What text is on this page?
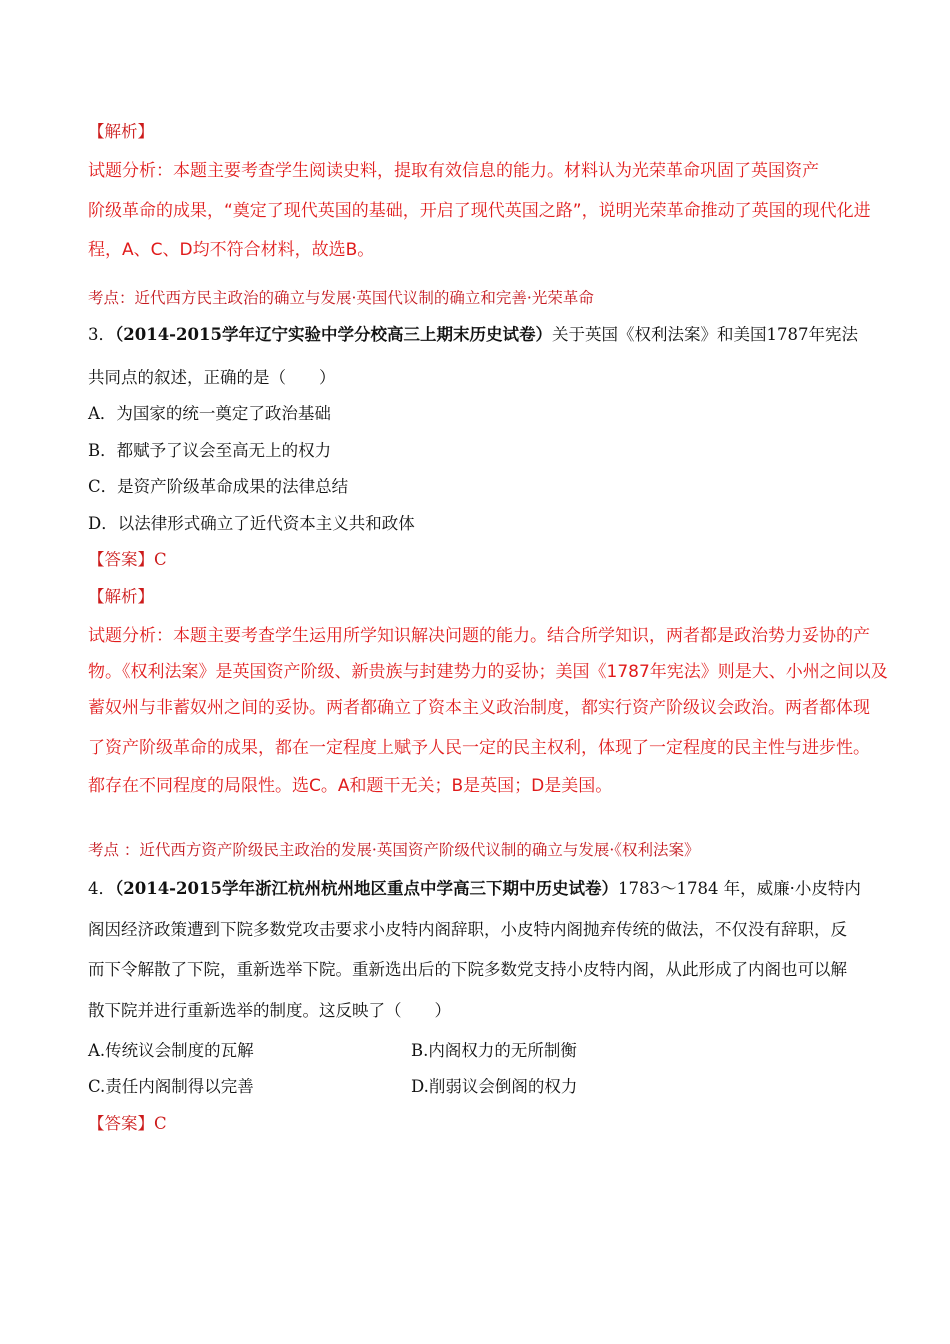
【解析】
试题分析：本题主要考查学生阅读史料，提取有效信息的能力。材料认为光荣革命巩固了英国资产
阶级革命的成果，“奠定了现代英国的基础，开启了现代英国之路”，说明光荣革命推动了英国的现代化进
程，A、C、D均不符合材料，故选B。
考点：近代西方民主政治的确立与发展·英国代议制的确立和完善·光荣革命
3．（2014-2015学年辽宁实验中学分校高三上期末历史试卷）关于英国《权利法案》和美国1787年宪法
共同点的叙述，正确的是（　　）
A．为国家的统一奠定了政治基础
B．都赋予了议会至高无上的权力
C．是资产阶级革命成果的法律总结
D．以法律形式确立了近代资本主义共和政体
【答案】C
【解析】
试题分析：本题主要考查学生运用所学知识解决问题的能力。结合所学知识，两者都是政治势力妥协的产
物。《权利法案》是英国资产阶级、新贵族与封建势力的妥协；美国《1787年宪法》则是大、小州之间以及
蓄奴州与非蓄奴州之间的妥协。两者都确立了资本主义政治制度，都实行资产阶级议会政治。两者都体现
了资产阶级革命的成果，都在一定程度上赋予人民一定的民主权利，体现了一定程度的民主性与进步性。
都存在不同程度的局限性。选C。A和题干无关；B是英国；D是美国。
考点 ：近代西方资产阶级民主政治的发展·英国资产阶级代议制的确立与发展·《权利法案》
4．（2014-2015学年浙江杭州杭州地区重点中学高三下期中历史试卷）1783～1784 年，威廉·小皮特内
阁因经济政策遭到下院多数党攻击要求小皮特内阁辞职，小皮特内阁抛弃传统的做法，不仅没有辞职，反
而下令解散了下院，重新选举下院。重新选出后的下院多数党支持小皮特内阁，从此形成了内阁也可以解
散下院并进行重新选举的制度。这反映了（　　）
A.传统议会制度的瓦解	B.内阁权力的无所制衡
C.责任内阁制得以完善	D.削弱议会倒阁的权力
【答案】C
